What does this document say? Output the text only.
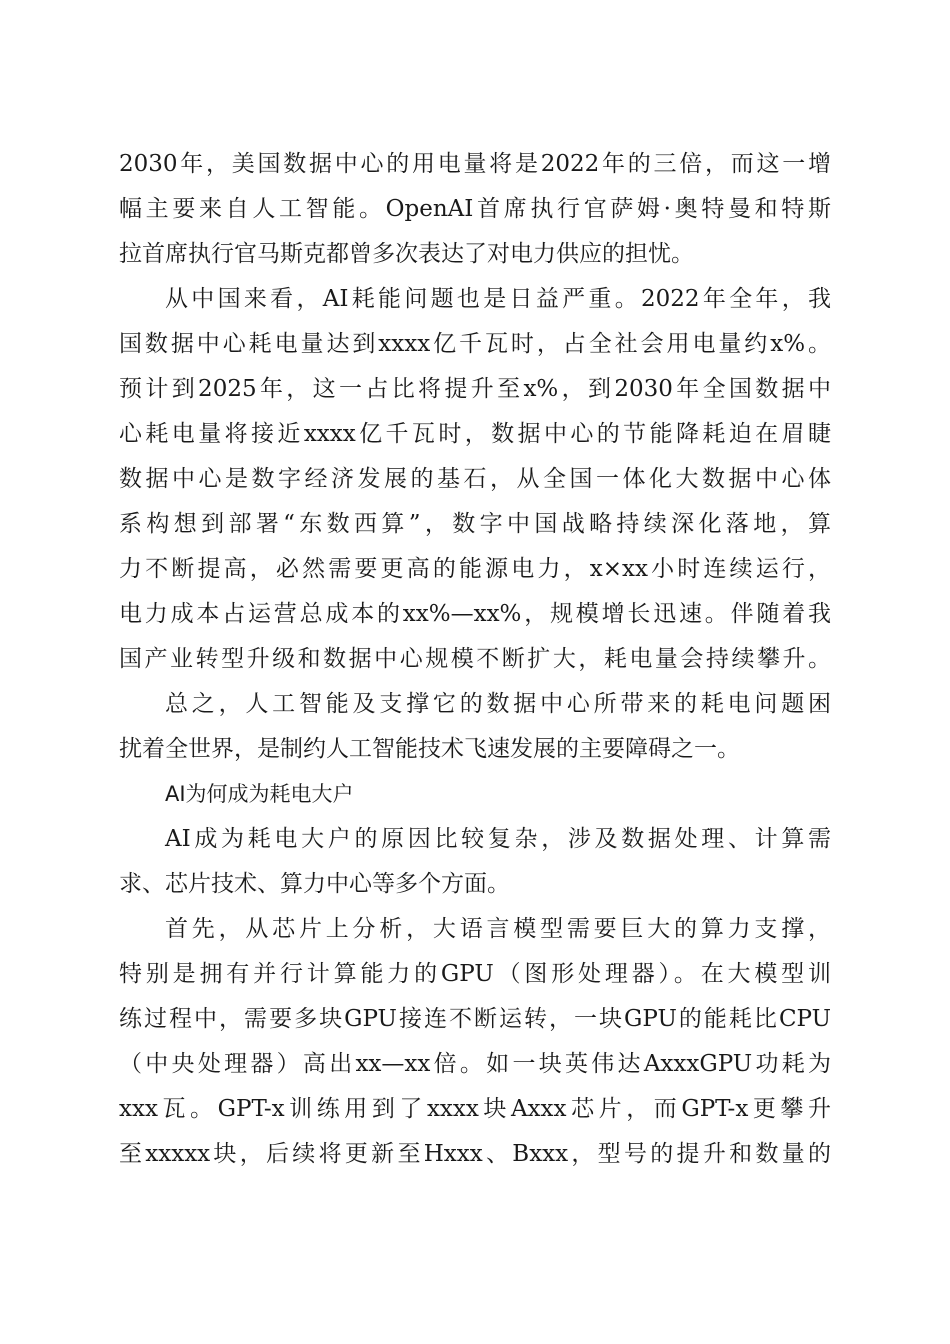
2030年，美国数据中心的用电量将是2022年的三倍，而这一增
幅主要来自人工智能。OpenAI首席执行官萨姆·奥特曼和特斯
拉首席执行官马斯克都曾多次表达了对电力供应的担忧。
从中国来看，AI耗能问题也是日益严重。2022年全年，我
国数据中心耗电量达到xxxx亿千瓦时，占全社会用电量约x%。
预计到2025年，这一占比将提升至x%，到2030年全国数据中
心耗电量将接近xxxx亿千瓦时，数据中心的节能降耗迫在眉睫
数据中心是数字经济发展的基石，从全国一体化大数据中心体
系构想到部署“东数西算”，数字中国战略持续深化落地，算
力不断提高，必然需要更高的能源电力，x×xx小时连续运行，
电力成本占运营总成本的xx%—xx%，规模增长迅速。伴随着我
国产业转型升级和数据中心规模不断扩大，耗电量会持续攀升。
总之，人工智能及支撑它的数据中心所带来的耗电问题困
扰着全世界，是制约人工智能技术飞速发展的主要障碍之一。
AI为何成为耗电大户
AI成为耗电大户的原因比较复杂，涉及数据处理、计算需
求、芯片技术、算力中心等多个方面。
首先，从芯片上分析，大语言模型需要巨大的算力支撑，
特别是拥有并行计算能力的GPU（图形处理器）。在大模型训
练过程中，需要多块GPU接连不断运转，一块GPU的能耗比CPU
（中央处理器）高出xx—xx倍。如一块英伟达AxxxGPU功耗为
xxx瓦。GPT-x训练用到了xxxx块Axxx芯片，而GPT-x更攀升
至xxxxx块，后续将更新至Hxxx、Bxxx，型号的提升和数量的
